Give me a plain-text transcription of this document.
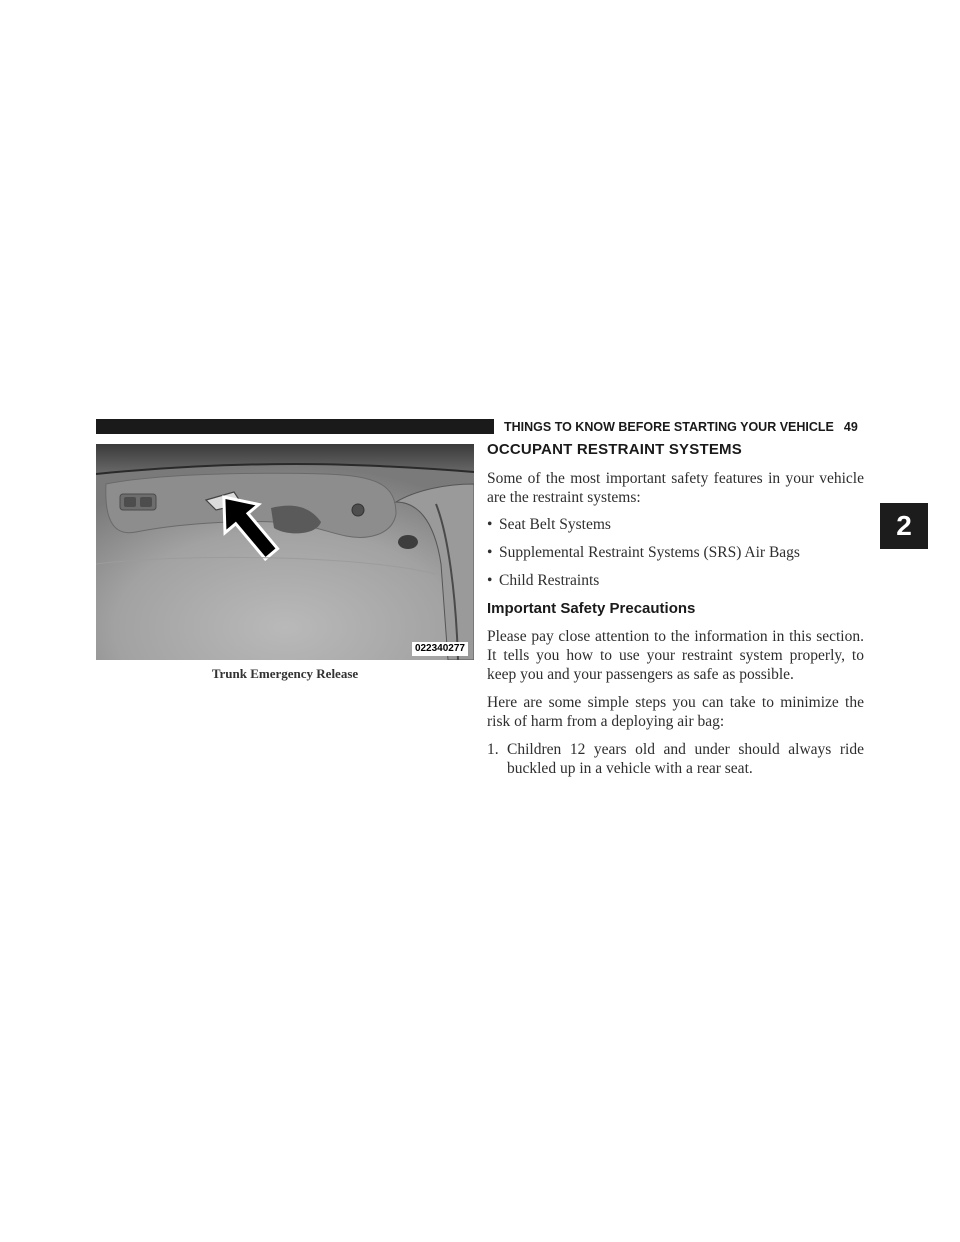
THINGS TO KNOW BEFORE STARTING YOUR VEHICLE 49
2
022340277
Trunk Emergency Release
OCCUPANT RESTRAINT SYSTEMS

Some of the most important safety features in your vehicle are the restraint systems:

• Seat Belt Systems
• Supplemental Restraint Systems (SRS) Air Bags
• Child Restraints
Important Safety Precautions

Please pay close attention to the information in this section. It tells you how to use your restraint system properly, to keep you and your passengers as safe as possible.

Here are some simple steps you can take to minimize the risk of harm from a deploying air bag:

1. Children 12 years old and under should always ride buckled up in a vehicle with a rear seat.
